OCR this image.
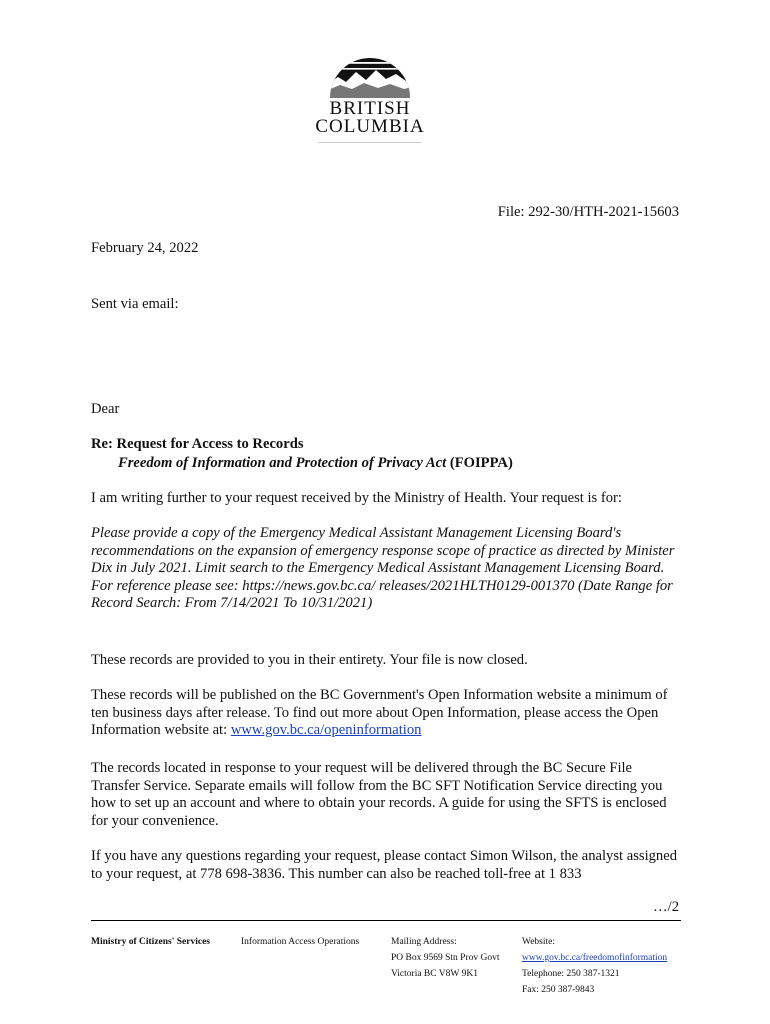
BRITISH
COLUMBIA
File: 292-30/HTH-2021-15603
February 24, 2022
Sent via email:
Dear
Re: Request for Access to Records
Freedom of Information and Protection of Privacy Act (FOIPPA)
I am writing further to your request received by the Ministry of Health. Your request is for:
Please provide a copy of the Emergency Medical Assistant Management Licensing Board's recommendations on the expansion of emergency response scope of practice as directed by Minister Dix in July 2021. Limit search to the Emergency Medical Assistant Management Licensing Board. For reference please see: https://news.gov.bc.ca/ releases/2021HLTH0129-001370 (Date Range for Record Search: From 7/14/2021 To 10/31/2021)
These records are provided to you in their entirety. Your file is now closed.
These records will be published on the BC Government's Open Information website a minimum of ten business days after release. To find out more about Open Information, please access the Open Information website at: www.gov.bc.ca/openinformation
The records located in response to your request will be delivered through the BC Secure File Transfer Service. Separate emails will follow from the BC SFT Notification Service directing you how to set up an account and where to obtain your records. A guide for using the SFTS is enclosed for your convenience.
If you have any questions regarding your request, please contact Simon Wilson, the analyst assigned to your request, at 778 698-3836. This number can also be reached toll-free at 1 833
…/2
Ministry of Citizens' Services	Information Access Operations	Mailing Address:
PO Box 9569 Stn Prov Govt
Victoria BC V8W 9K1
Website:
www.gov.bc.ca/freedomofinformation
Telephone: 250 387-1321
Fax: 250 387-9843
